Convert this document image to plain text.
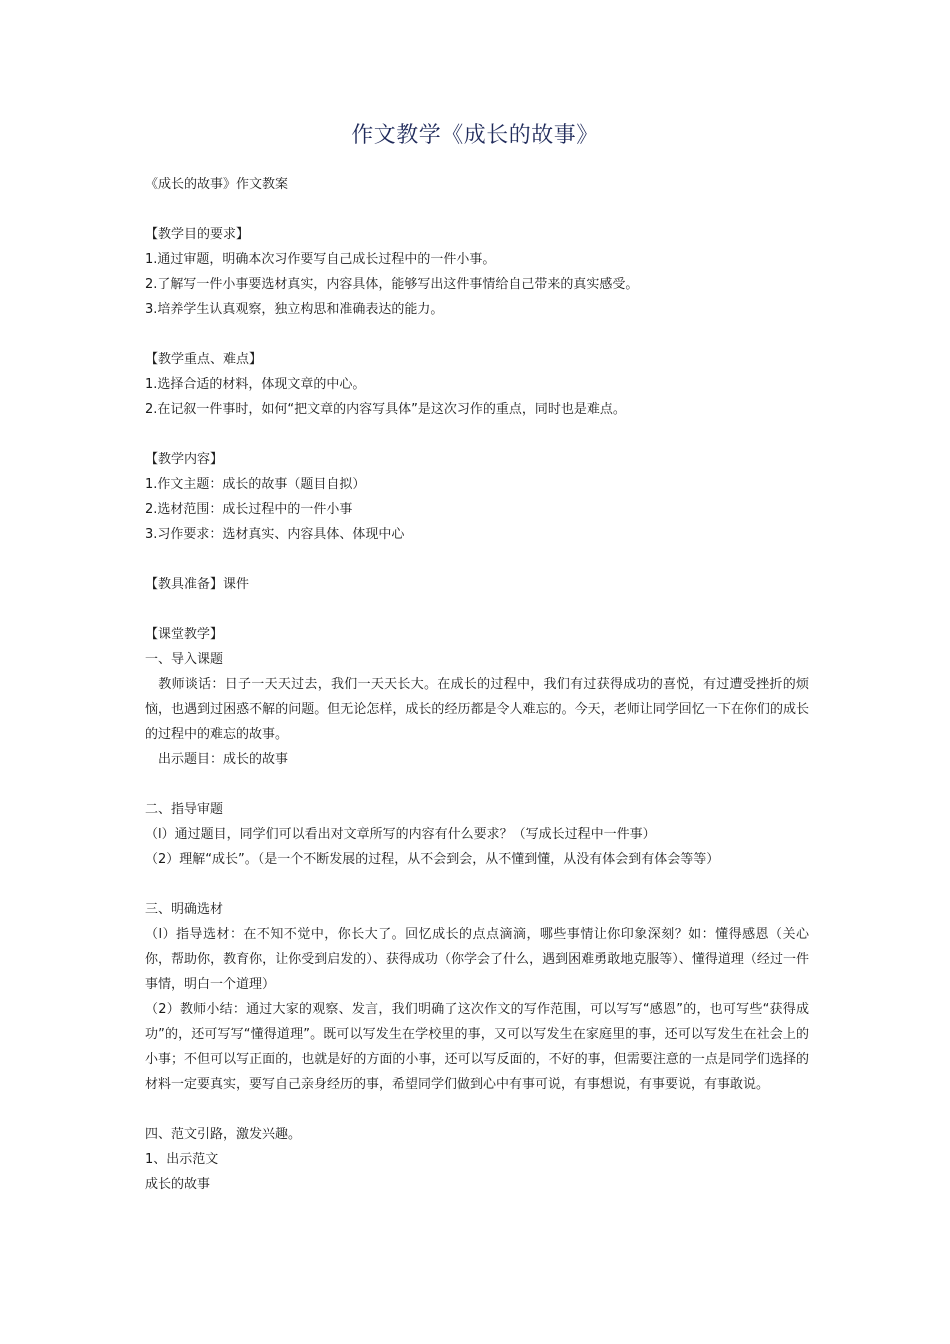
作文教学《成长的故事》
《成长的故事》作文教案
【教学目的要求】
1.通过审题，明确本次习作要写自己成长过程中的一件小事。
2.了解写一件小事要选材真实，内容具体，能够写出这件事情给自己带来的真实感受。
3.培养学生认真观察，独立构思和准确表达的能力。
【教学重点、难点】
1.选择合适的材料，体现文章的中心。
2.在记叙一件事时，如何“把文章的内容写具体”是这次习作的重点，同时也是难点。
【教学内容】
1.作文主题：成长的故事（题目自拟）
2.选材范围：成长过程中的一件小事
3.习作要求：选材真实、内容具体、体现中心
【教具准备】课件
【课堂教学】
一、导入课题
　教师谈话：日子一天天过去，我们一天天长大。在成长的过程中，我们有过获得成功的喜悦，有过遭受挫折的烦恼，也遇到过困惑不解的问题。但无论怎样，成长的经历都是令人难忘的。今天，老师让同学回忆一下在你们的成长的过程中的难忘的故事。
　出示题目：成长的故事
二、指导审题
（l）通过题目，同学们可以看出对文章所写的内容有什么要求？（写成长过程中一件事）
（2）理解“成长”。（是一个不断发展的过程，从不会到会，从不懂到懂，从没有体会到有体会等等）
三、明确选材
（l）指导选材：在不知不觉中，你长大了。回忆成长的点点滴滴，哪些事情让你印象深刻？如：懂得感恩（关心你，帮助你，教育你，让你受到启发的）、获得成功（你学会了什么，遇到困难勇敢地克服等）、懂得道理（经过一件事情，明白一个道理）
（2）教师小结：通过大家的观察、发言，我们明确了这次作文的写作范围，可以写写“感恩”的，也可写些“获得成功”的，还可写写“懂得道理”。既可以写发生在学校里的事，又可以写发生在家庭里的事，还可以写发生在社会上的小事；不但可以写正面的，也就是好的方面的小事，还可以写反面的，不好的事，但需要注意的一点是同学们选择的材料一定要真实，要写自己亲身经历的事，希望同学们做到心中有事可说，有事想说，有事要说，有事敢说。
四、范文引路，激发兴趣。
1、出示范文
成长的故事
